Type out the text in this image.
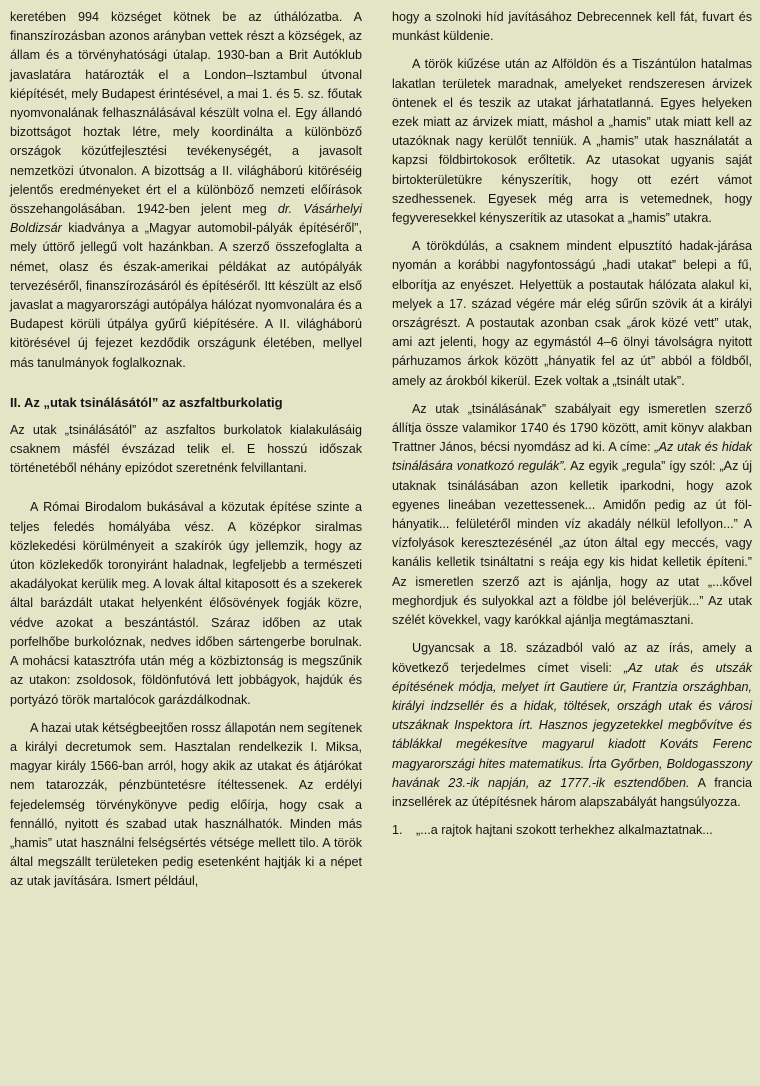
keretében 994 községet kötnek be az úthálózatba. A finanszírozásban azonos arányban vettek részt a községek, az állam és a törvényhatósági útalap. 1930-ban a Brit Autóklub javaslatára határozták el a London–Isztambul útvonal kiépítését, mely Budapest érintésével, a mai 1. és 5. sz. főutak nyomvonalának felhasználásával készült volna el. Egy állandó bizottságot hoztak létre, mely koordinálta a különböző országok közútfejlesztési tevékenységét, a javasolt nemzetközi útvonalon. A bizottság a II. világháború kitöréséig jelentős eredményeket ért el a különböző nemzeti előírások összehangolásában. 1942-ben jelent meg dr. Vásárhelyi Boldizsár kiadványa a „Magyar automobil-pályák építéséről”, mely úttörő jellegű volt hazánkban. A szerző összefoglalta a német, olasz és észak-amerikai példákat az autópályák tervezéséről, finanszírozásáról és építéséről. Itt készült az első javaslat a magyarországi autópálya hálózat nyomvonalára és a Budapest körüli útpálya gyűrű kiépítésére. A II. világháború kitörésével új fejezet kezdődik országunk életében, mellyel más tanulmányok foglalkoznak.

II. Az „utak tsinálásától” az aszfaltburkolatig

Az utak „tsinálásától” az aszfaltos burkolatok kialakulásáig csaknem másfél évszázad telik el. E hosszú időszak történetéből néhány epizódot szeretnénk felvillantani.

A Római Birodalom bukásával a közutak építése szinte a teljes feledés homályába vész. A középkor siralmas közlekedési körülményeit a szakírók úgy jellemzik, hogy az úton közlekedők toronyiránt haladnak, legfeljebb a természeti akadályokat kerülik meg. A lovak által kitaposott és a szekerek által barázdált utakat helyenként élősövények fogják közre, védve azokat a beszántástól. Száraz időben az utak porfelhőbe burkolóznak, nedves időben sártengerbe borulnak. A mohácsi katasztrófa után még a közbiztonság is megszűnik az utakon: zsoldosok, földönfutóvá lett jobbágyok, hajdúk és portyázó török martalócok garázdálkodnak.

A hazai utak kétségbeejtően rossz állapotán nem segítenek a királyi decretumok sem. Hasztalan rendelkezik I. Miksa, magyar király 1566-ban arról, hogy akik az utakat és átjárókat nem tatarozzák, pénzbüntetésre ítéltessenek. Az erdélyi fejedelemség törvénykönyve pedig előírja, hogy csak a fennálló, nyitott és szabad utak használhatók. Minden más „hamis” utat használni felségsértés vétsége mellett tilo. A török által megszállt területeken pedig esetenként hajtják ki a népet az utak javítására. Ismert például,

hogy a szolnoki híd javításához Debrecennek kell fát, fuvart és munkást küldenie.

A török kiűzése után az Alföldön és a Tiszántúlon hatalmas lakatlan területek maradnak, amelyeket rendszeresen árvizek öntenek el és teszik az utakat járhatatlanná. Egyes helyeken ezek miatt az árvizek miatt, máshol a „hamis” utak miatt kell az utazóknak nagy kerülőt tenniük. A „hamis” utak használatát a kapzsi földbirtokosok erőltetik. Az utasokat ugyanis saját birtokterületükre kényszerítik, hogy ott ezért vámot szedhessenek. Egyesek még arra is vetemednek, hogy fegyveresekkel kényszerítik az utasokat a „hamis” utakra.

A törökdúlás, a csaknem mindent elpusztító hadak-járása nyomán a korábbi nagyfontosságú „hadi utakat” belepi a fű, elborítja az enyészet. Helyettük a postautak hálózata alakul ki, melyek a 17. század végére már elég sűrűn szövik át a királyi országrészt. A postautak azonban csak „árok közé vett” utak, ami azt jelenti, hogy az egymástól 4–6 ölnyi távolságra nyitott párhuzamos árkok között „hányatik fel az út” abból a földből, amely az árokból kikerül. Ezek voltak a „tsinált utak”.

Az utak „tsinálásának” szabályait egy ismeretlen szerző állítja össze valamikor 1740 és 1790 között, amit könyv alakban Trattner János, bécsi nyomdász ad ki. A címe: „Az utak és hidak tsinálására vonatkozó regulák”. Az egyik „regula” így szól: „Az új utaknak tsinálásában azon kelletik iparkodni, hogy azok egyenes lineában vezettessenek... Amidőn pedig az út föl-hányatik... felületéről minden víz akadály nélkül lefollyon...” A vízfolyások keresztezésénél „az úton által egy meccés, vagy kanális kelletik tsináltatni s reája egy kis hidat kelletik építeni.” Az ismeretlen szerző azt is ajánlja, hogy az utat „...kővel meghordjuk és sulyokkal azt a földbe jól beléverjük...” Az utak szélét kövekkel, vagy karókkal ajánlja megtámasztani.

Ugyancsak a 18. századból való az az írás, amely a következő terjedelmes címet viseli: „Az utak és utszák építésének módja, melyet írt Gautiere úr, Frantzia országhban, királyi indzsellér és a hidak, töltések, országh utak és városi utszáknak Inspektora írt. Hasznos jegyzetekkel megbővítve és táblákkal megékesítve magyarul kiadott Kováts Ferenc magyarországi hites matematikus. Írta Győrben, Boldogasszony havának 23.-ik napján, az 1777.-ik esztendőben. A francia inzsellérek az útépítésnek három alapszabályát hangsúlyozza.

1.	„...a rajtok hajtani szokott terhekhez alkalmaztatnak...
